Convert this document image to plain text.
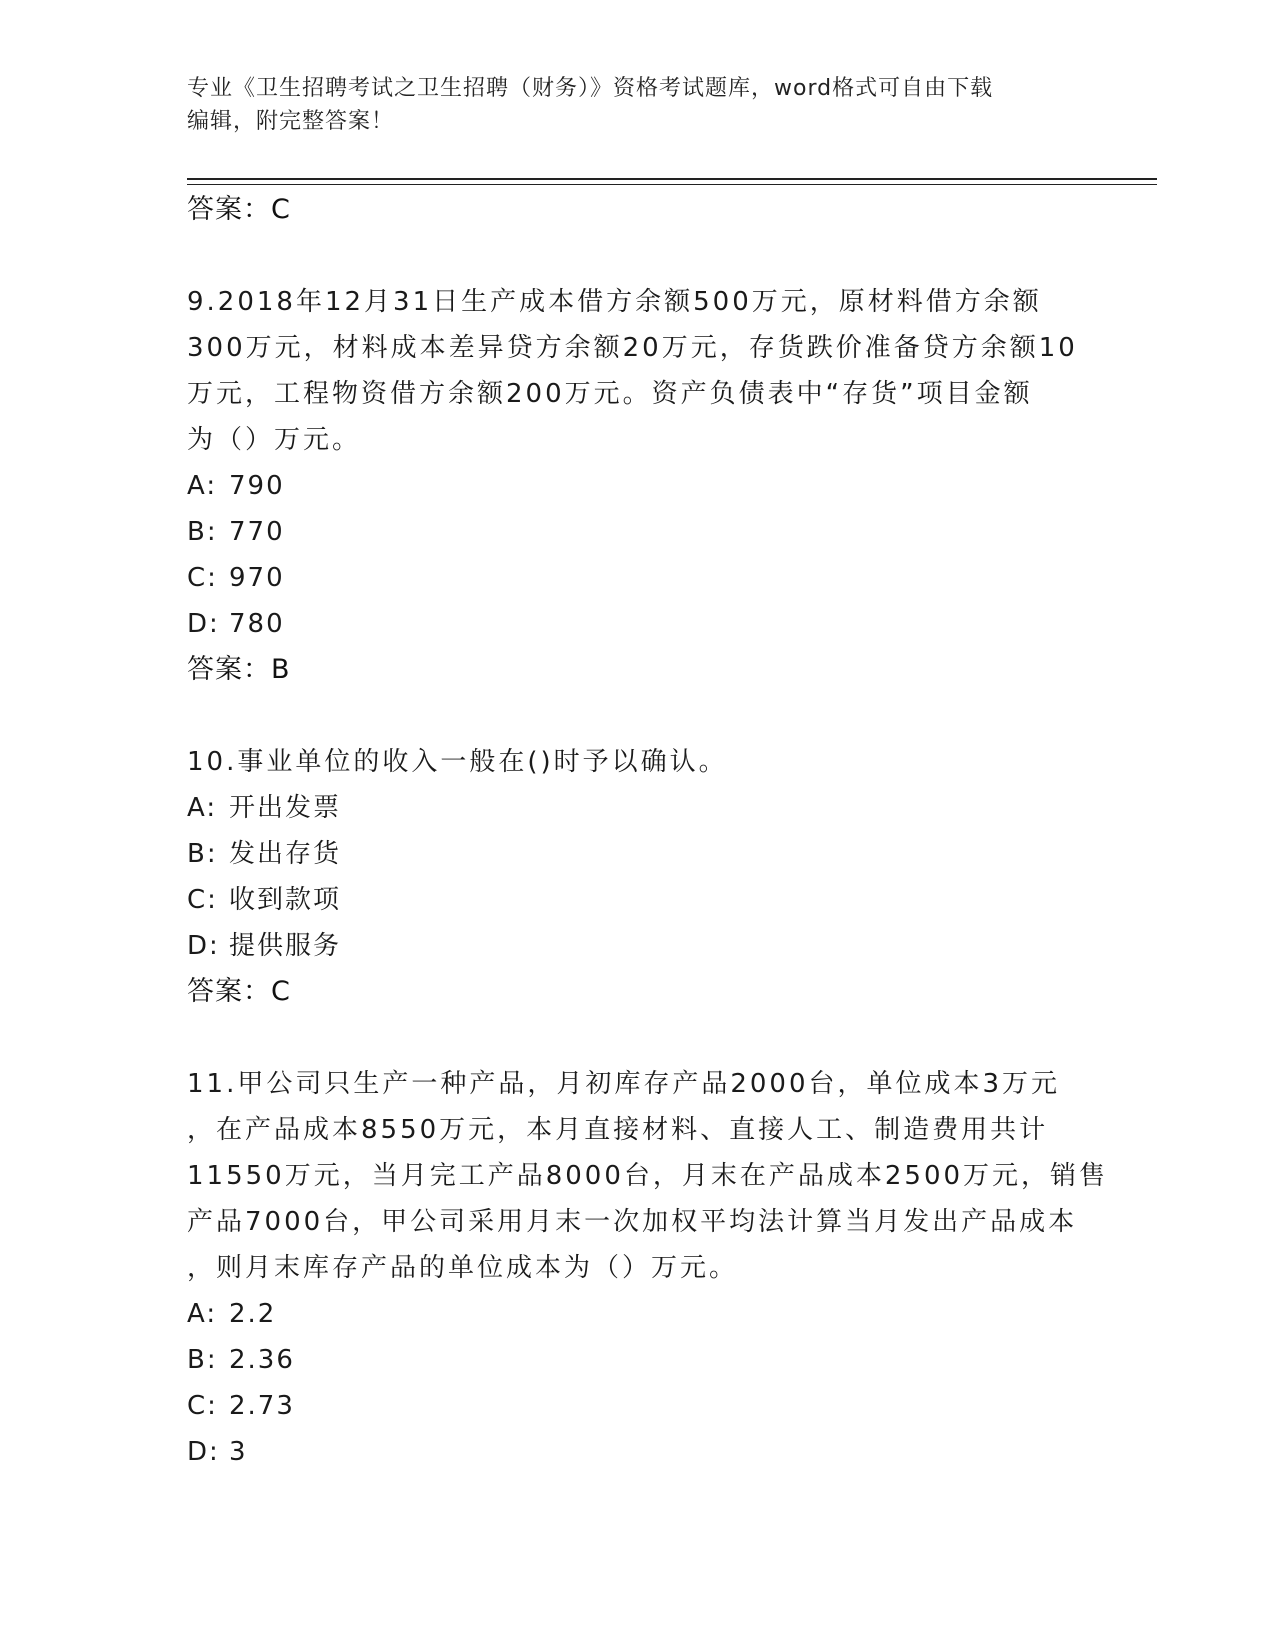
专业《卫生招聘考试之卫生招聘（财务）》资格考试题库，word格式可自由下载
编辑，附完整答案！
答案：C
9.2018年12月31日生产成本借方余额500万元，原材料借方余额
300万元，材料成本差异贷方余额20万元，存货跌价准备贷方余额10
万元，工程物资借方余额200万元。资产负债表中“存货”项目金额
为（）万元。
A: 790
B: 770
C: 970
D: 780
答案：B
10.事业单位的收入一般在()时予以确认。
A: 开出发票
B: 发出存货
C: 收到款项
D: 提供服务
答案：C
11.甲公司只生产一种产品，月初库存产品2000台，单位成本3万元
，在产品成本8550万元，本月直接材料、直接人工、制造费用共计
11550万元，当月完工产品8000台，月末在产品成本2500万元，销售
产品7000台，甲公司采用月末一次加权平均法计算当月发出产品成本
，则月末库存产品的单位成本为（）万元。
A: 2.2
B: 2.36
C: 2.73
D: 3
